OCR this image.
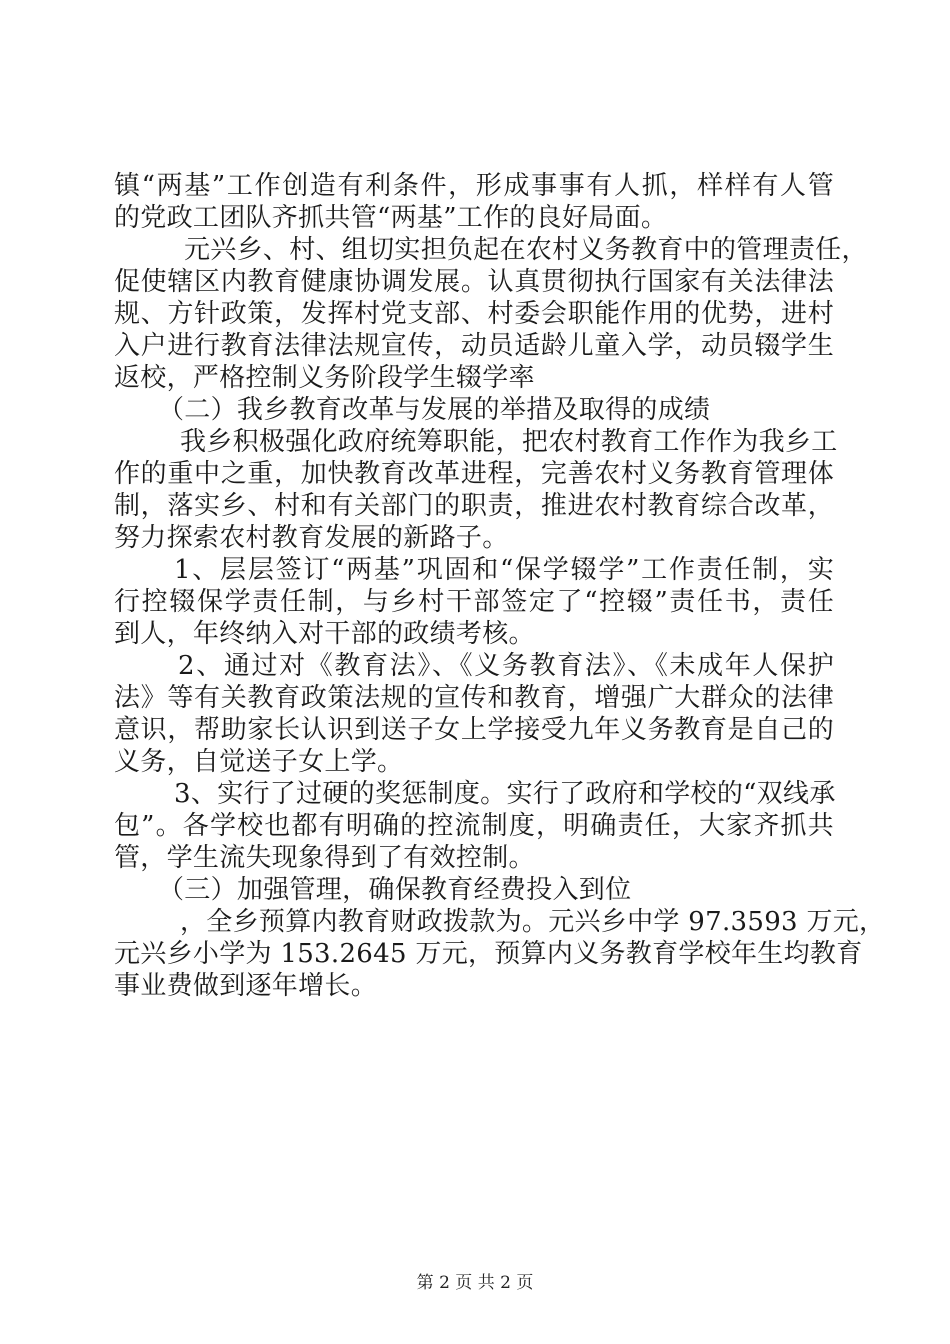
镇“两基”工作创造有利条件，形成事事有人抓，样样有人管
的党政工团队齐抓共管“两基”工作的良好局面。
元兴乡、村、组切实担负起在农村义务教育中的管理责任，
促使辖区内教育健康协调发展。认真贯彻执行国家有关法律法
规、方针政策，发挥村党支部、村委会职能作用的优势，进村
入户进行教育法律法规宣传，动员适龄儿童入学，动员辍学生
返校，严格控制义务阶段学生辍学率
（二）我乡教育改革与发展的举措及取得的成绩
我乡积极强化政府统筹职能，把农村教育工作作为我乡工
作的重中之重，加快教育改革进程，完善农村义务教育管理体
制，落实乡、村和有关部门的职责，推进农村教育综合改革，
努力探索农村教育发展的新路子。
1、层层签订“两基”巩固和“保学辍学”工作责任制，实
行控辍保学责任制，与乡村干部签定了“控辍”责任书，责任
到人，年终纳入对干部的政绩考核。
2、通过对《教育法》、《义务教育法》、《未成年人保护
法》等有关教育政策法规的宣传和教育，增强广大群众的法律
意识，帮助家长认识到送子女上学接受九年义务教育是自己的
义务，自觉送子女上学。
3、实行了过硬的奖惩制度。实行了政府和学校的“双线承
包”。各学校也都有明确的控流制度，明确责任，大家齐抓共
管，学生流失现象得到了有效控制。
（三）加强管理，确保教育经费投入到位
，全乡预算内教育财政拨款为。元兴乡中学 97.3593 万元，
元兴乡小学为 153.2645 万元，预算内义务教育学校年生均教育
事业费做到逐年增长。
第 2 页 共 2 页
